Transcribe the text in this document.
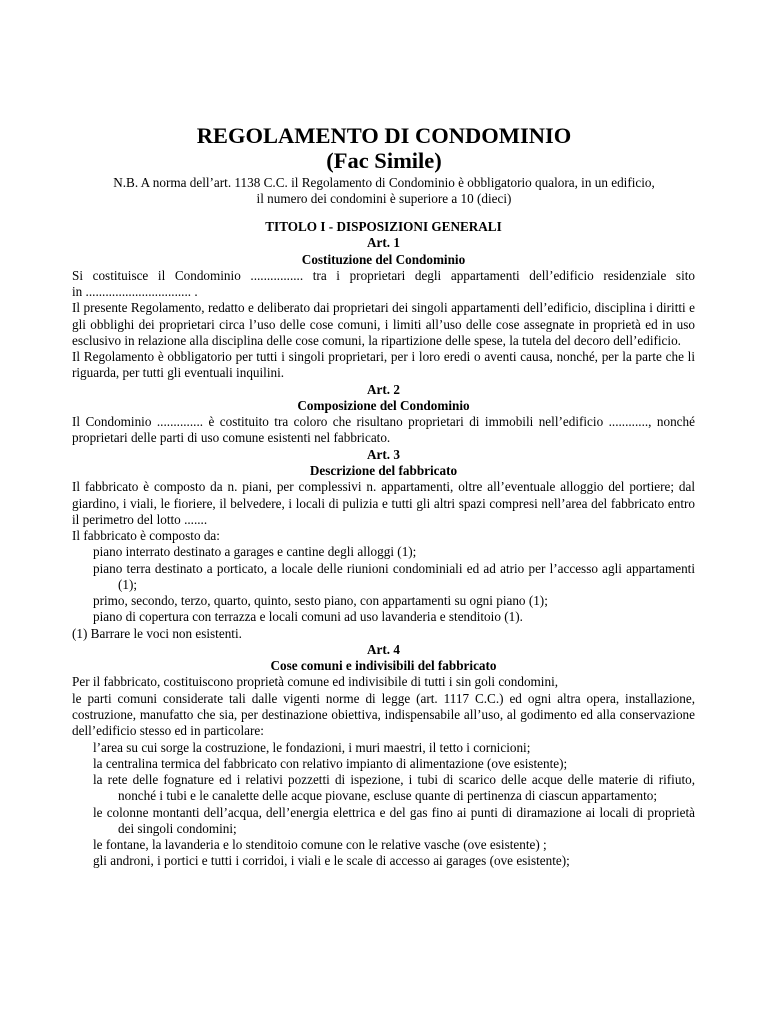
REGOLAMENTO DI CONDOMINIO
(Fac Simile)
N.B. A norma dell’art. 1138 C.C. il Regolamento di Condominio è obbligatorio qualora, in un edificio,
il numero dei condomini è superiore a 10 (dieci)

TITOLO I - DISPOSIZIONI GENERALI

Art. 1

Costituzione del Condominio

Si costituisce il Condominio ................ tra i proprietari degli appartamenti dell’edificio residenziale sito

in ................................ .

Il presente Regolamento, redatto e deliberato dai proprietari dei singoli appartamenti dell’edificio, disciplina i diritti e gli obblighi dei proprietari circa l’uso delle cose comuni, i limiti all’uso delle cose assegnate in proprietà ed in uso esclusivo in relazione alla disciplina delle cose comuni, la ripartizione delle spese, la tutela del decoro dell’edificio.

Il Regolamento è obbligatorio per tutti i singoli proprietari, per i loro eredi o aventi causa, nonché, per la parte che li riguarda, per tutti gli eventuali inquilini.

Art. 2

Composizione del Condominio

Il Condominio .............. è costituito tra coloro che risultano proprietari di immobili nell’edificio ............, nonché proprietari delle parti di uso comune esistenti nel fabbricato.

Art. 3

Descrizione del fabbricato

Il fabbricato è composto da n. piani, per complessivi n. appartamenti, oltre all’eventuale alloggio del portiere; dal giardino, i viali, le fioriere, il belvedere, i locali di pulizia e tutti gli altri spazi compresi nell’area del fabbricato entro il perimetro del lotto .......

Il fabbricato è composto da:

piano interrato destinato a garages e cantine degli alloggi (1);

piano terra destinato a porticato, a locale delle riunioni condominiali ed ad atrio per l’accesso agli appartamenti (1);

primo, secondo, terzo, quarto, quinto, sesto piano, con appartamenti su ogni piano (1);

piano di copertura con terrazza e locali comuni ad uso lavanderia e stenditoio (1).

(1) Barrare le voci non esistenti.

Art. 4

Cose comuni e indivisibili del fabbricato

Per il fabbricato, costituiscono proprietà comune ed indivisibile di tutti i sin goli condomini,

le parti comuni considerate tali dalle vigenti norme di legge (art. 1117 C.C.) ed ogni altra opera, installazione, costruzione, manufatto che sia, per destinazione obiettiva, indispensabile all’uso, al godimento ed alla conservazione dell’edificio stesso ed in particolare:

l’area su cui sorge la costruzione, le fondazioni, i muri maestri, il tetto i cornicioni;

la centralina termica del fabbricato con relativo impianto di alimentazione (ove esistente);

la rete delle fognature ed i relativi pozzetti di ispezione, i tubi di scarico delle acque delle materie di rifiuto, nonché i tubi e le canalette delle acque piovane, escluse quante di pertinenza di ciascun appartamento;

le colonne montanti dell’acqua, dell’energia elettrica e del gas fino ai punti di diramazione ai locali di proprietà dei singoli condomini;

le fontane, la lavanderia e lo stenditoio comune con le relative vasche (ove esistente) ;

gli androni, i portici e tutti i corridoi, i viali e le scale di accesso ai garages (ove esistente);
